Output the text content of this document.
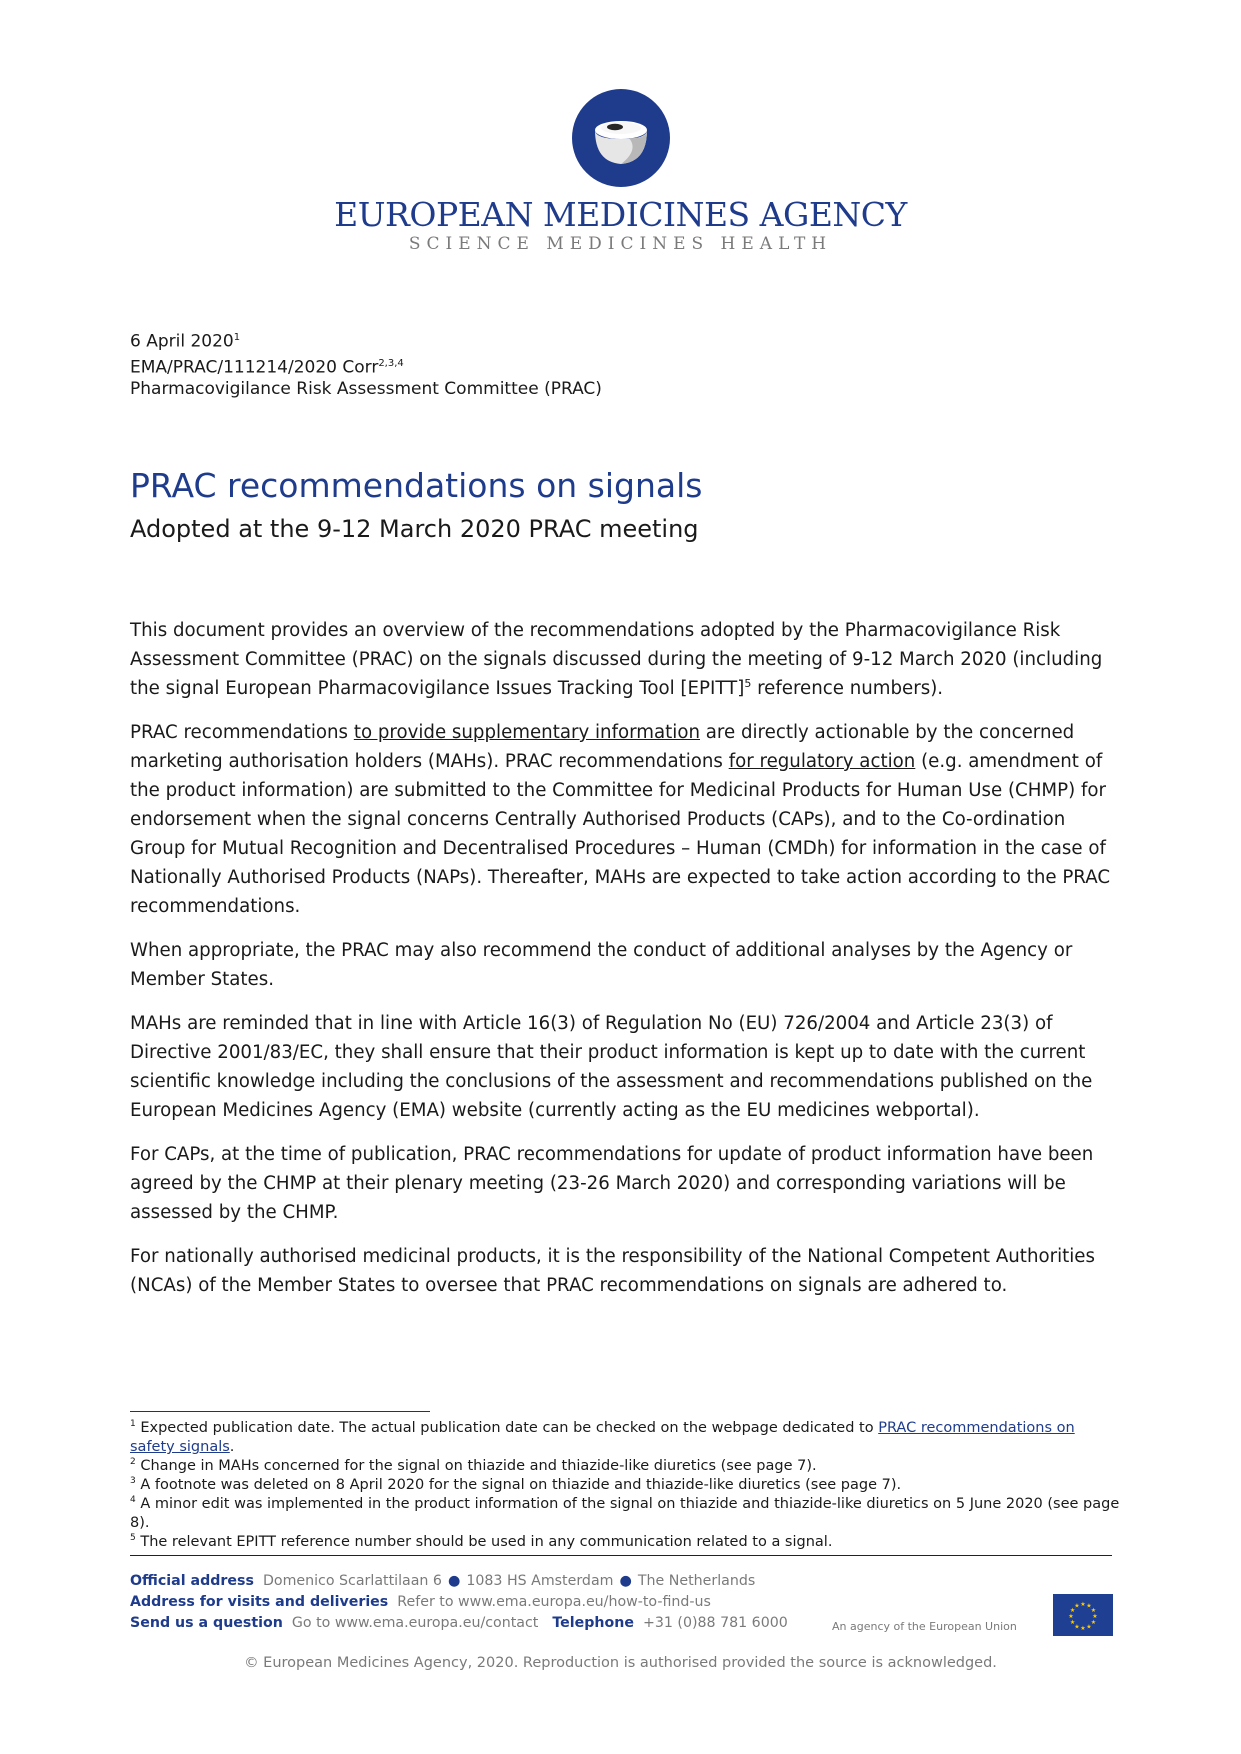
EUROPEAN MEDICINES AGENCY
SCIENCE MEDICINES HEALTH
6 April 2020$^1$
EMA/PRAC/111214/2020 Corr$^{2,3,4}$
Pharmacovigilance Risk Assessment Committee (PRAC)
PRAC recommendations on signals
Adopted at the 9-12 March 2020 PRAC meeting

This document provides an overview of the recommendations adopted by the Pharmacovigilance Risk Assessment Committee (PRAC) on the signals discussed during the meeting of 9-12 March 2020 (including the signal European Pharmacovigilance Issues Tracking Tool [EPITT]$^5$ reference numbers).

PRAC recommendations to provide supplementary information are directly actionable by the concerned marketing authorisation holders (MAHs). PRAC recommendations for regulatory action (e.g. amendment of the product information) are submitted to the Committee for Medicinal Products for Human Use (CHMP) for endorsement when the signal concerns Centrally Authorised Products (CAPs), and to the Co-ordination Group for Mutual Recognition and Decentralised Procedures – Human (CMDh) for information in the case of Nationally Authorised Products (NAPs). Thereafter, MAHs are expected to take action according to the PRAC recommendations.

When appropriate, the PRAC may also recommend the conduct of additional analyses by the Agency or Member States.

MAHs are reminded that in line with Article 16(3) of Regulation No (EU) 726/2004 and Article 23(3) of Directive 2001/83/EC, they shall ensure that their product information is kept up to date with the current scientific knowledge including the conclusions of the assessment and recommendations published on the European Medicines Agency (EMA) website (currently acting as the EU medicines webportal).

For CAPs, at the time of publication, PRAC recommendations for update of product information have been agreed by the CHMP at their plenary meeting (23-26 March 2020) and corresponding variations will be assessed by the CHMP.

For nationally authorised medicinal products, it is the responsibility of the National Competent Authorities (NCAs) of the Member States to oversee that PRAC recommendations on signals are adhered to.

$^1$ Expected publication date. The actual publication date can be checked on the webpage dedicated to PRAC recommendations on safety signals.
$^2$ Change in MAHs concerned for the signal on thiazide and thiazide-like diuretics (see page 7).
$^3$ A footnote was deleted on 8 April 2020 for the signal on thiazide and thiazide-like diuretics (see page 7).
$^4$ A minor edit was implemented in the product information of the signal on thiazide and thiazide-like diuretics on 5 June 2020 (see page 8).
$^5$ The relevant EPITT reference number should be used in any communication related to a signal.
Official address Domenico Scarlattilaan 6 ● 1083 HS Amsterdam ● The Netherlands
Address for visits and deliveries Refer to www.ema.europa.eu/how-to-find-us
Send us a question Go to www.ema.europa.eu/contact Telephone +31 (0)88 781 6000	An agency of the European Union
★ ★
★
★
★
★
★
★
★
★
★
★
© European Medicines Agency, 2020. Reproduction is authorised provided the source is acknowledged.
